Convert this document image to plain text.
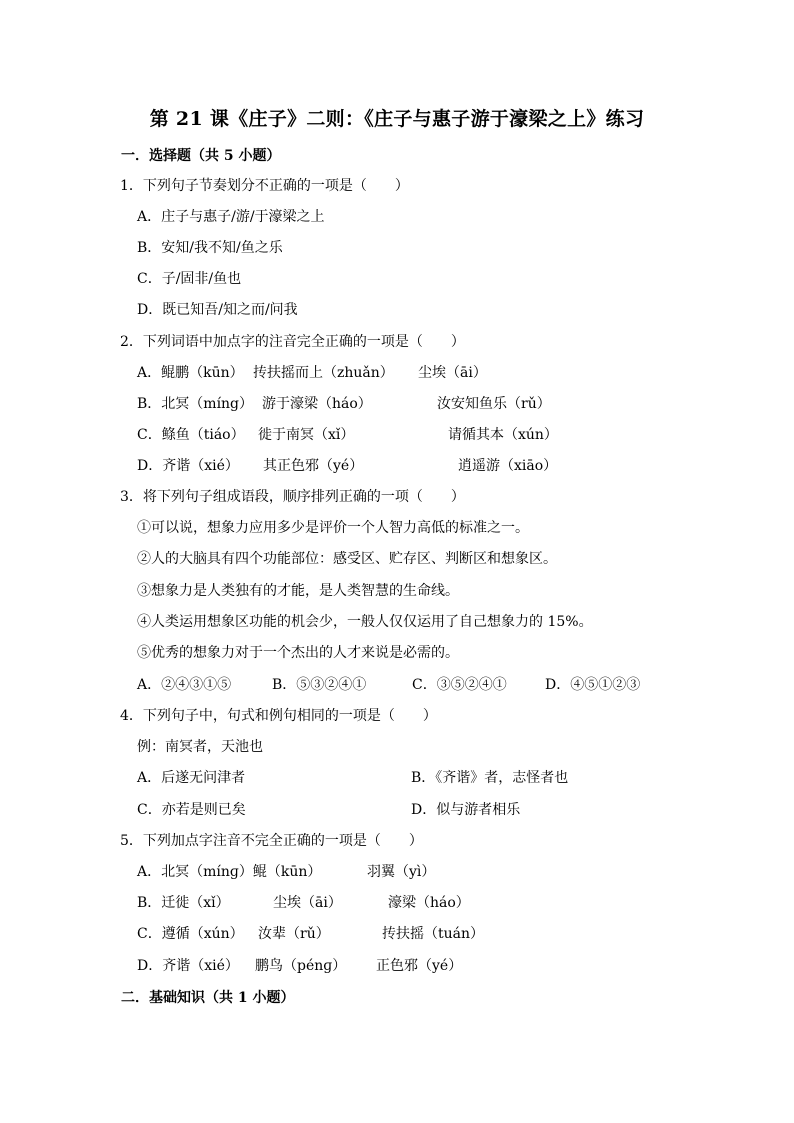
第 21 课《庄子》二则：《庄子与惠子游于濠梁之上》练习
一．选择题（共 5 小题）
1．下列句子节奏划分不正确的一项是（　　）
A．庄子与惠子/游/于濠梁之上
B．安知/我不知/鱼之乐
C．子/固非/鱼也
D．既已知吾/知之而/问我
2．下列词语中加点字的注音完全正确的一项是（　　）
A．鲲鹏（kūn） 抟扶摇而上（zhuǎn） 尘埃（āi）
B．北冥（míng） 游于濠梁（háo）	汝安知鱼乐（rǔ）
C．鲦鱼（tiáo） 徙于南冥（xǐ）	请循其本（xún）
D．齐谐（xié） 其正色邪（yé）	逍遥游（xiāo）
3．将下列句子组成语段，顺序排列正确的一项（　　）
①可以说，想象力应用多少是评价一个人智力高低的标准之一。
②人的大脑具有四个功能部位：感受区、贮存区、判断区和想象区。
③想象力是人类独有的才能，是人类智慧的生命线。
④人类运用想象区功能的机会少，一般人仅仅运用了自己想象力的 15%。
⑤优秀的想象力对于一个杰出的人才来说是必需的。
A．②④③①⑤	B．⑤③②④①	C．③⑤②④①	D．④⑤①②③
4．下列句子中，句式和例句相同的一项是（　　）
例：南冥者，天池也
A．后遂无问津者	B．《齐谐》者，志怪者也
C．亦若是则已矣	D．似与游者相乐
5．下列加点字注音不完全正确的一项是（　　）
A．北冥（mínɡ）鲲（kūn）	羽翼（yì）
B．迁徙（xǐ）	尘埃（āi）	濠梁（háo）
C．遵循（xún） 汝辈（rǔ）	抟扶摇（tuán）
D．齐谐（xié） 鹏鸟（pénɡ） 正色邪（yé）
二．基础知识（共 1 小题）
